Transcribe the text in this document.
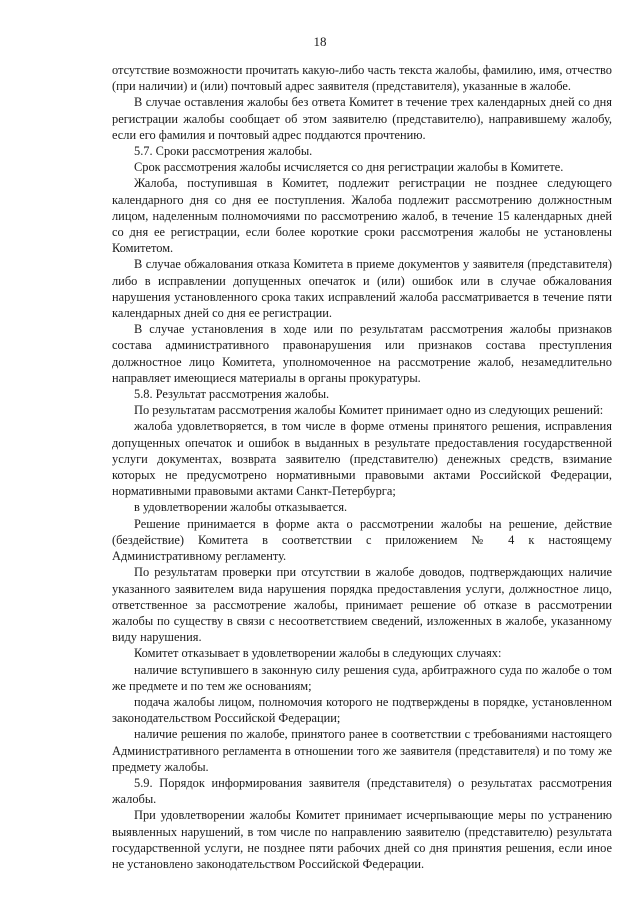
18

отсутствие возможности прочитать какую-либо часть текста жалобы, фамилию, имя, отчество (при наличии) и (или) почтовый адрес заявителя (представителя), указанные в жалобе.

В случае оставления жалобы без ответа Комитет в течение трех календарных дней со дня регистрации жалобы сообщает об этом заявителю (представителю), направившему жалобу, если его фамилия и почтовый адрес поддаются прочтению.

5.7. Сроки рассмотрения жалобы.

Срок рассмотрения жалобы исчисляется со дня регистрации жалобы в Комитете.

Жалоба, поступившая в Комитет, подлежит регистрации не позднее следующего календарного дня со дня ее поступления. Жалоба подлежит рассмотрению должностным лицом, наделенным полномочиями по рассмотрению жалоб, в течение 15 календарных дней со дня ее регистрации, если более короткие сроки рассмотрения жалобы не установлены Комитетом.

В случае обжалования отказа Комитета в приеме документов у заявителя (представителя) либо в исправлении допущенных опечаток и (или) ошибок или в случае обжалования нарушения установленного срока таких исправлений жалоба рассматривается в течение пяти календарных дней со дня ее регистрации.

В случае установления в ходе или по результатам рассмотрения жалобы признаков состава административного правонарушения или признаков состава преступления должностное лицо Комитета, уполномоченное на рассмотрение жалоб, незамедлительно направляет имеющиеся материалы в органы прокуратуры.

5.8. Результат рассмотрения жалобы.

По результатам рассмотрения жалобы Комитет принимает одно из следующих решений:

жалоба удовлетворяется, в том числе в форме отмены принятого решения, исправления допущенных опечаток и ошибок в выданных в результате предоставления государственной услуги документах, возврата заявителю (представителю) денежных средств, взимание которых не предусмотрено нормативными правовыми актами Российской Федерации, нормативными правовыми актами Санкт-Петербурга;

в удовлетворении жалобы отказывается.

Решение принимается в форме акта о рассмотрении жалобы на решение, действие (бездействие) Комитета в соответствии с приложением № 4 к настоящему Административному регламенту.

По результатам проверки при отсутствии в жалобе доводов, подтверждающих наличие указанного заявителем вида нарушения порядка предоставления услуги, должностное лицо, ответственное за рассмотрение жалобы, принимает решение об отказе в рассмотрении жалобы по существу в связи с несоответствием сведений, изложенных в жалобе, указанному виду нарушения.

Комитет отказывает в удовлетворении жалобы в следующих случаях:

наличие вступившего в законную силу решения суда, арбитражного суда по жалобе о том же предмете и по тем же основаниям;

подача жалобы лицом, полномочия которого не подтверждены в порядке, установленном законодательством Российской Федерации;

наличие решения по жалобе, принятого ранее в соответствии с требованиями настоящего Административного регламента в отношении того же заявителя (представителя) и по тому же предмету жалобы.

5.9. Порядок информирования заявителя (представителя) о результатах рассмотрения жалобы.

При удовлетворении жалобы Комитет принимает исчерпывающие меры по устранению выявленных нарушений, в том числе по направлению заявителю (представителю) результата государственной услуги, не позднее пяти рабочих дней со дня принятия решения, если иное не установлено законодательством Российской Федерации.
